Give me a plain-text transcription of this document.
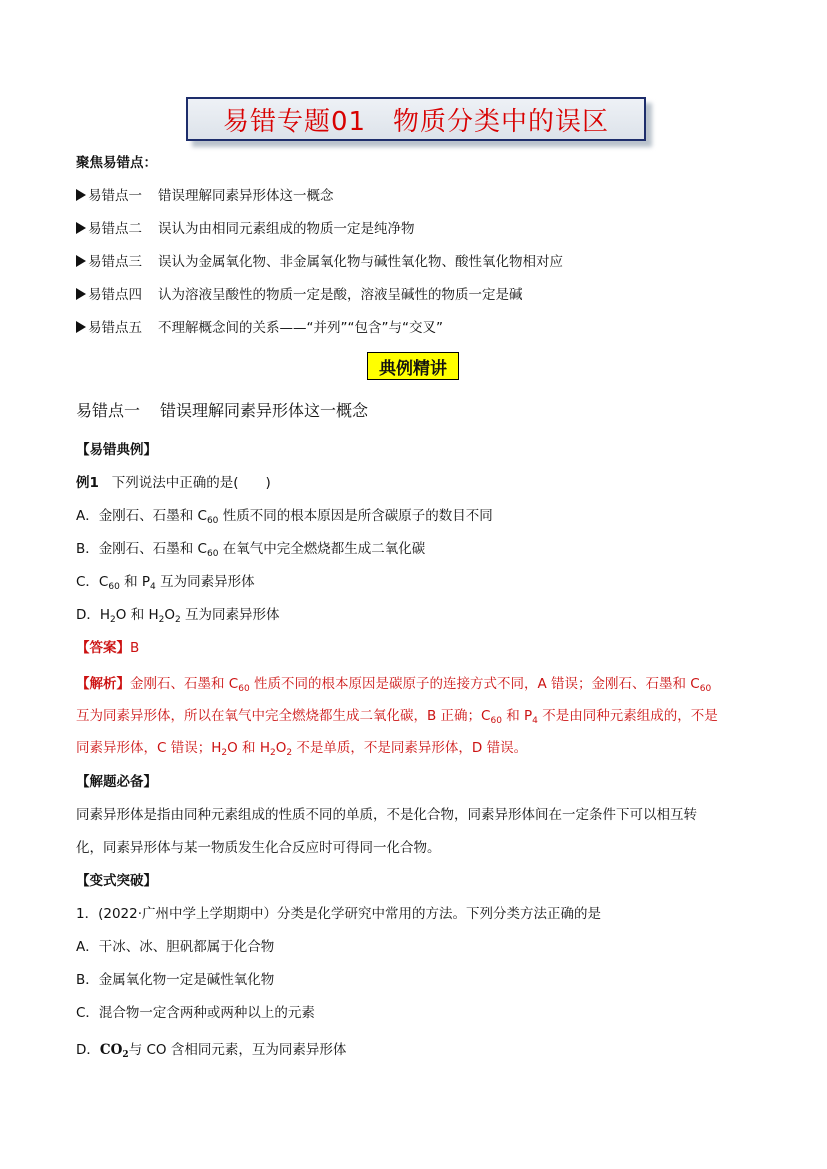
易错专题01　物质分类中的误区
聚焦易错点：
易错点一 错误理解同素异形体这一概念
易错点二 误认为由相同元素组成的物质一定是纯净物
易错点三 误认为金属氧化物、非金属氧化物与碱性氧化物、酸性氧化物相对应
易错点四 认为溶液呈酸性的物质一定是酸，溶液呈碱性的物质一定是碱
易错点五 不理解概念间的关系——“并列”“包含”与“交叉”
典例精讲
易错点一 错误理解同素异形体这一概念
【易错典例】
例1 下列说法中正确的是(　　)
A．金刚石、石墨和 $C_{60}$ 性质不同的根本原因是所含碳原子的数目不同
B．金刚石、石墨和 $C_{60}$ 在氧气中完全燃烧都生成二氧化碳
C．$C_{60}$ 和 $P_4$ 互为同素异形体
D．$H_2O$ 和 $H_2O_2$ 互为同素异形体
【答案】B
【解析】金刚石、石墨和 $C_{60}$ 性质不同的根本原因是碳原子的连接方式不同，A 错误；金刚石、石墨和 $C_{60}$
互为同素异形体，所以在氧气中完全燃烧都生成二氧化碳，B 正确；$C_{60}$ 和 $P_4$ 不是由同种元素组成的，不是
同素异形体，C 错误；$H_2O$ 和 $H_2O_2$ 不是单质，不是同素异形体，D 错误。
【解题必备】
同素异形体是指由同种元素组成的性质不同的单质，不是化合物，同素异形体间在一定条件下可以相互转
化，同素异形体与某一物质发生化合反应时可得同一化合物。
【变式突破】
1．(2022·广州中学上学期期中）分类是化学研究中常用的方法。下列分类方法正确的是
A．干冰、冰、胆矾都属于化合物
B．金属氧化物一定是碱性氧化物
C．混合物一定含两种或两种以上的元素
D．$CO_2$与 CO 含相同元素，互为同素异形体
